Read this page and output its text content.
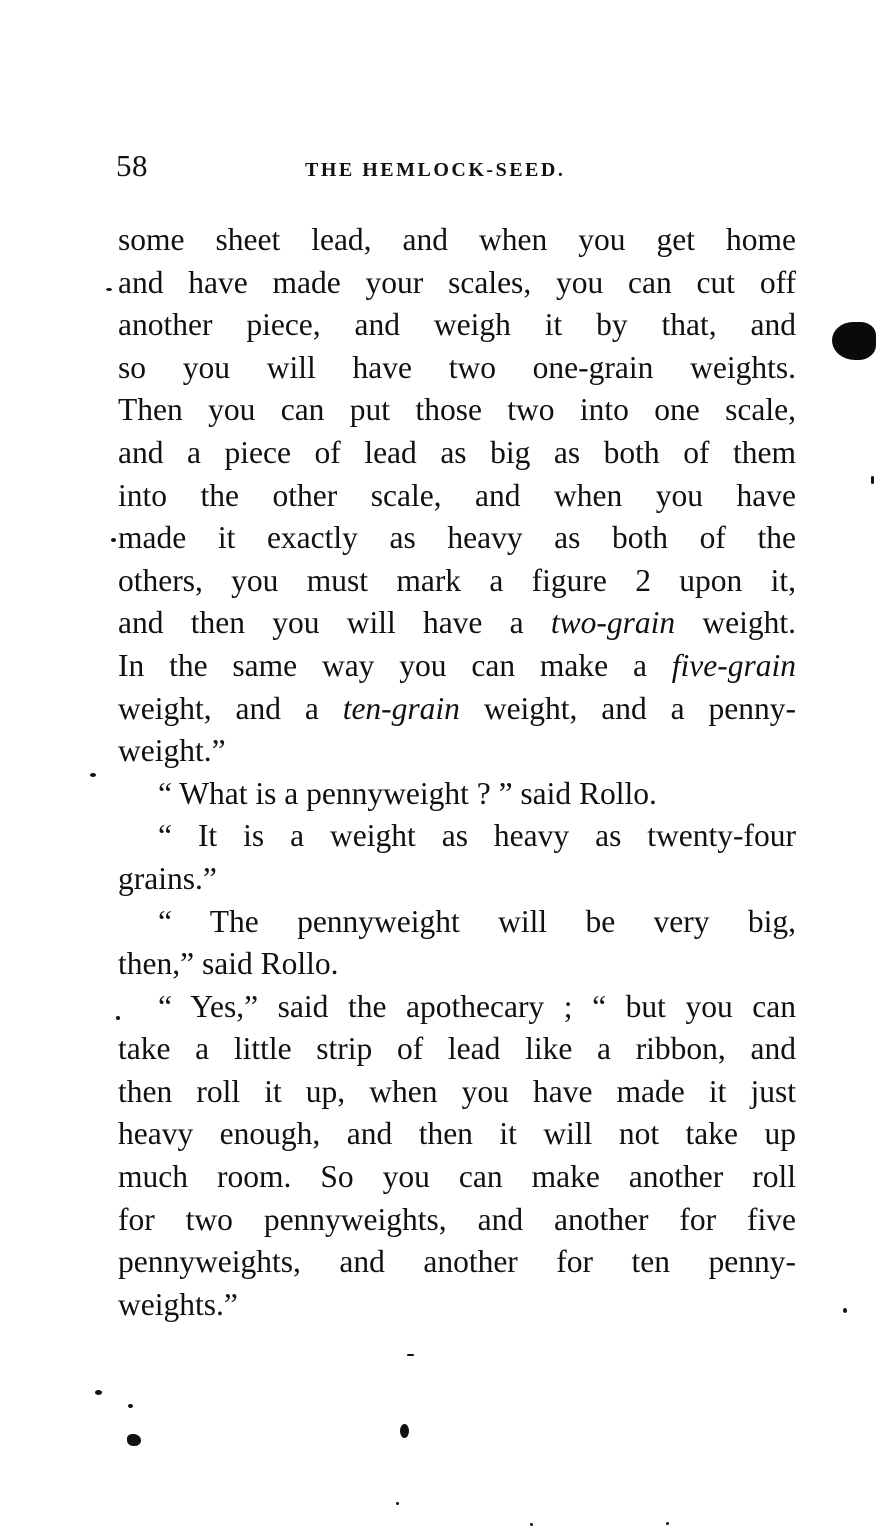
58	THE HEMLOCK-SEED.
some sheet lead, and when you get home
and have made your scales, you can cut off
another piece, and weigh it by that, and
so you will have two one-grain weights.
Then you can put those two into one scale,
and a piece of lead as big as both of them
into the other scale, and when you have
made it exactly as heavy as both of the
others, you must mark a figure 2 upon it,
and then you will have a two-grain weight.
In the same way you can make a five-grain
weight, and a ten-grain weight, and a penny-
weight.”
“ What is a pennyweight ? ” said Rollo.
“ It is a weight as heavy as twenty-four
grains.”
“ The pennyweight will be very big,
then,” said Rollo.
“ Yes,” said the apothecary ; “ but you can
take a little strip of lead like a ribbon, and
then roll it up, when you have made it just
heavy enough, and then it will not take up
much room. So you can make another roll
for two pennyweights, and another for five
pennyweights, and another for ten penny-
weights.”
